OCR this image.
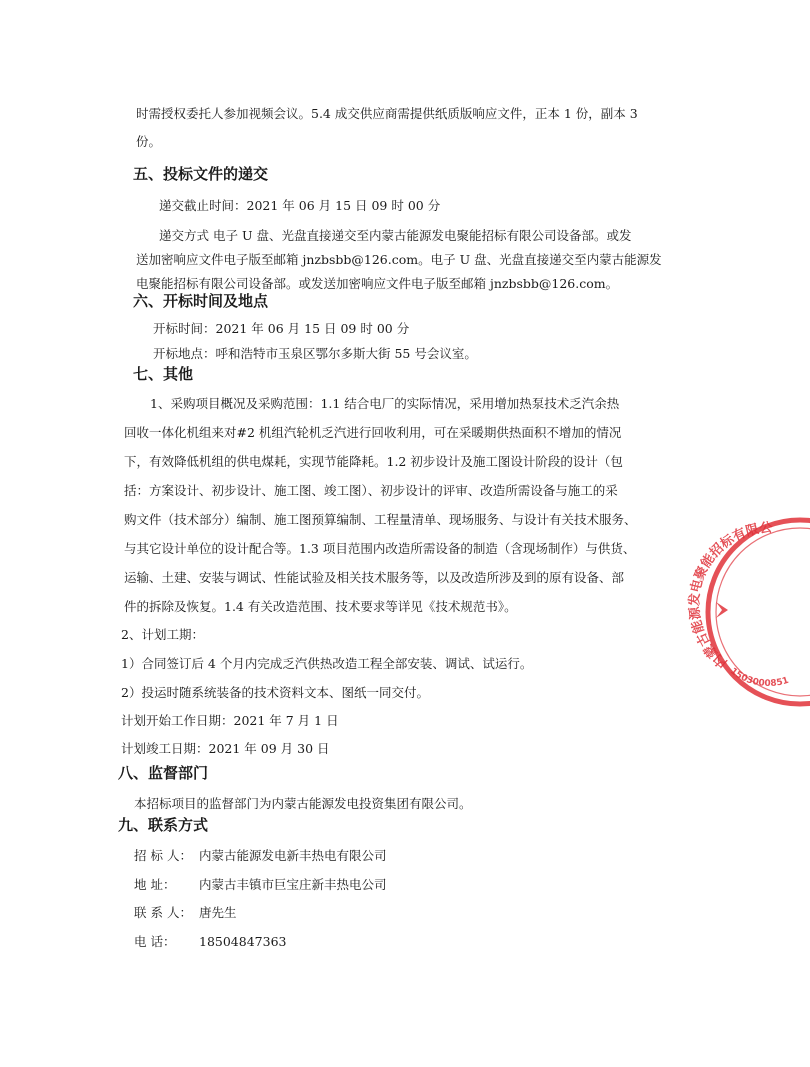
时需授权委托人参加视频会议。5.4 成交供应商需提供纸质版响应文件，正本 1 份，副本 3
份。
五、投标文件的递交
递交截止时间：2021 年 06 月 15 日 09 时 00 分
递交方式 电子 U 盘、光盘直接递交至内蒙古能源发电聚能招标有限公司设备部。或发
送加密响应文件电子版至邮箱 jnzbsbb@126.com。电子 U 盘、光盘直接递交至内蒙古能源发
电聚能招标有限公司设备部。或发送加密响应文件电子版至邮箱 jnzbsbb@126.com。
六、开标时间及地点
开标时间：2021 年 06 月 15 日 09 时 00 分
开标地点：呼和浩特市玉泉区鄂尔多斯大街 55 号会议室。
七、其他
1、采购项目概况及采购范围：1.1 结合电厂的实际情况，采用增加热泵技术乏汽余热
回收一体化机组来对#2 机组汽轮机乏汽进行回收利用，可在采暖期供热面积不增加的情况
下，有效降低机组的供电煤耗，实现节能降耗。1.2 初步设计及施工图设计阶段的设计（包
括：方案设计、初步设计、施工图、竣工图）、初步设计的评审、改造所需设备与施工的采
购文件（技术部分）编制、施工图预算编制、工程量清单、现场服务、与设计有关技术服务、
与其它设计单位的设计配合等。1.3 项目范围内改造所需设备的制造（含现场制作）与供货、
运输、土建、安装与调试、性能试验及相关技术服务等，以及改造所涉及到的原有设备、部
件的拆除及恢复。1.4 有关改造范围、技术要求等详见《技术规范书》。
2、计划工期：
1）合同签订后 4 个月内完成乏汽供热改造工程全部安装、调试、试运行。
2）投运时随系统装备的技术资料文本、图纸一同交付。
计划开始工作日期：2021 年 7 月 1 日
计划竣工日期：2021 年 09 月 30 日
八、监督部门
本招标项目的监督部门为内蒙古能源发电投资集团有限公司。
九、联系方式
招 标 人： 内蒙古能源发电新丰热电有限公司
地 址： 内蒙古丰镇市巨宝庄新丰热电公司
联 系 人： 唐先生
电 话： 18504847363
内蒙古能源发电聚能招标有限公司
1503000851
